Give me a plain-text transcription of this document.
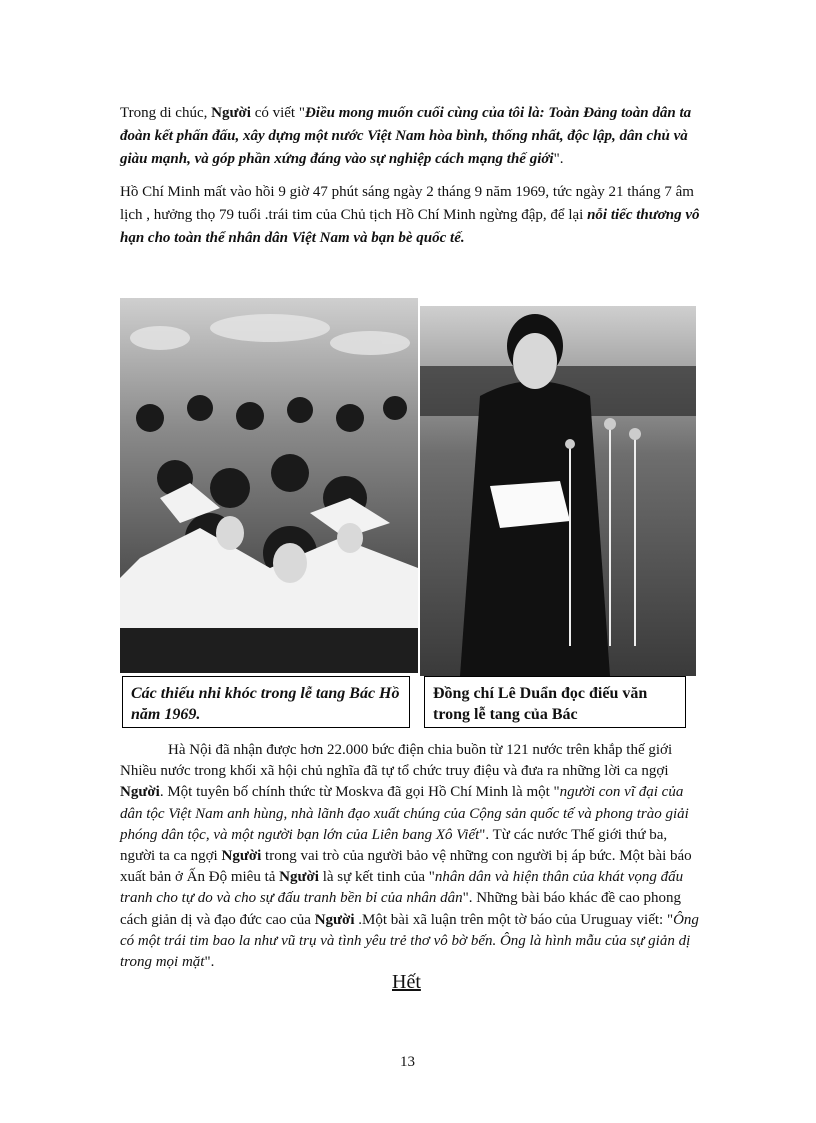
Trong di chúc, Người có viết "Điều mong muốn cuối cùng của tôi là: Toàn Đảng toàn dân ta đoàn kết phấn đấu, xây dựng một nước Việt Nam hòa bình, thống nhất, độc lập, dân chủ và giàu mạnh, và góp phần xứng đáng vào sự nghiệp cách mạng thế giới".
Hồ Chí Minh mất vào hồi 9 giờ 47 phút sáng ngày 2 tháng 9 năm 1969, tức ngày 21 tháng 7 âm lịch , hưởng thọ 79 tuổi .trái tim của Chủ tịch Hồ Chí Minh ngừng đập, để lại nỗi tiếc thương vô hạn cho toàn thể nhân dân Việt Nam và bạn bè quốc tế.
Các thiếu nhi khóc trong lễ tang Bác Hồ năm 1969.
Đồng chí Lê Duẩn đọc điếu văn trong lễ tang của Bác
Hà Nội đã nhận được hơn 22.000 bức điện chia buồn từ 121 nước trên khắp thế giới Nhiều nước trong khối xã hội chủ nghĩa đã tự tổ chức truy điệu và đưa ra những lời ca ngợi Người. Một tuyên bố chính thức từ Moskva đã gọi Hồ Chí Minh là một "người con vĩ đại của dân tộc Việt Nam anh hùng, nhà lãnh đạo xuất chúng của Cộng sản quốc tế và phong trào giải phóng dân tộc, và một người bạn lớn của Liên bang Xô Viết". Từ các nước Thế giới thứ ba, người ta ca ngợi Người trong vai trò của người bảo vệ những con người bị áp bức. Một bài báo xuất bản ở Ấn Độ miêu tả Người là sự kết tinh của "nhân dân và hiện thân của khát vọng đấu tranh cho tự do và cho sự đấu tranh bền bỉ của nhân dân". Những bài báo khác đề cao phong cách giản dị và đạo đức cao của Người .Một bài xã luận trên một tờ báo của Uruguay viết: "Ông có một trái tim bao la như vũ trụ và tình yêu trẻ thơ vô bờ bến. Ông là hình mẫu của sự giản dị trong mọi mặt".
Hết
13
